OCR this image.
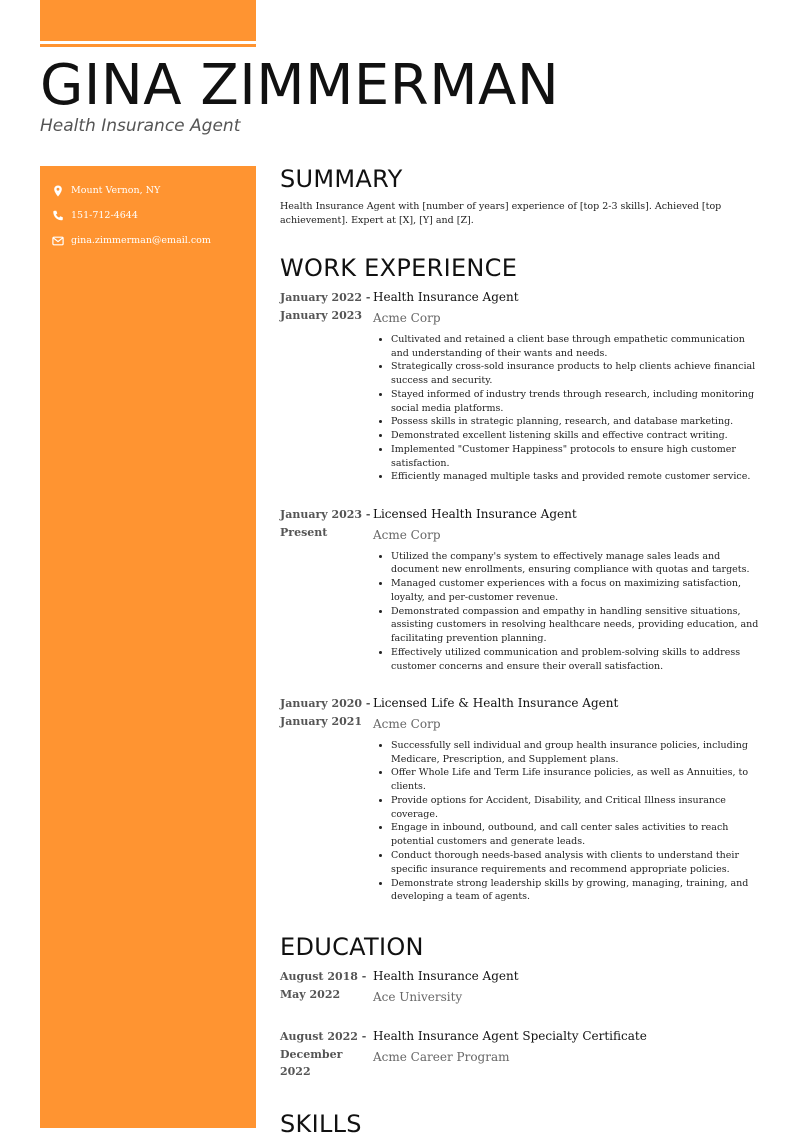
GINA ZIMMERMAN
Health Insurance Agent
Mount Vernon, NY
151-712-4644
gina.zimmerman@email.com
SUMMARY

Health Insurance Agent with [number of years] experience of [top 2-3 skills]. Achieved [top achievement]. Expert at [X], [Y] and [Z].

WORK EXPERIENCE
January 2022 - January 2023
Health Insurance Agent
Acme Corp
• Cultivated and retained a client base through empathetic communication and understanding of their wants and needs.
• Strategically cross-sold insurance products to help clients achieve financial success and security.
• Stayed informed of industry trends through research, including monitoring social media platforms.
• Possess skills in strategic planning, research, and database marketing.
• Demonstrated excellent listening skills and effective contract writing.
• Implemented "Customer Happiness" protocols to ensure high customer satisfaction.
• Efficiently managed multiple tasks and provided remote customer service.
January 2023 - Present
Licensed Health Insurance Agent
Acme Corp
• Utilized the company's system to effectively manage sales leads and document new enrollments, ensuring compliance with quotas and targets.
• Managed customer experiences with a focus on maximizing satisfaction, loyalty, and per-customer revenue.
• Demonstrated compassion and empathy in handling sensitive situations, assisting customers in resolving healthcare needs, providing education, and facilitating prevention planning.
• Effectively utilized communication and problem-solving skills to address customer concerns and ensure their overall satisfaction.
January 2020 - January 2021
Licensed Life & Health Insurance Agent
Acme Corp
• Successfully sell individual and group health insurance policies, including Medicare, Prescription, and Supplement plans.
• Offer Whole Life and Term Life insurance policies, as well as Annuities, to clients.
• Provide options for Accident, Disability, and Critical Illness insurance coverage.
• Engage in inbound, outbound, and call center sales activities to reach potential customers and generate leads.
• Conduct thorough needs-based analysis with clients to understand their specific insurance requirements and recommend appropriate policies.
• Demonstrate strong leadership skills by growing, managing, training, and developing a team of agents.
EDUCATION
August 2018 - May 2022
Health Insurance Agent
Ace University
August 2022 - December 2022
Health Insurance Agent Specialty Certificate
Acme Career Program
SKILLS
